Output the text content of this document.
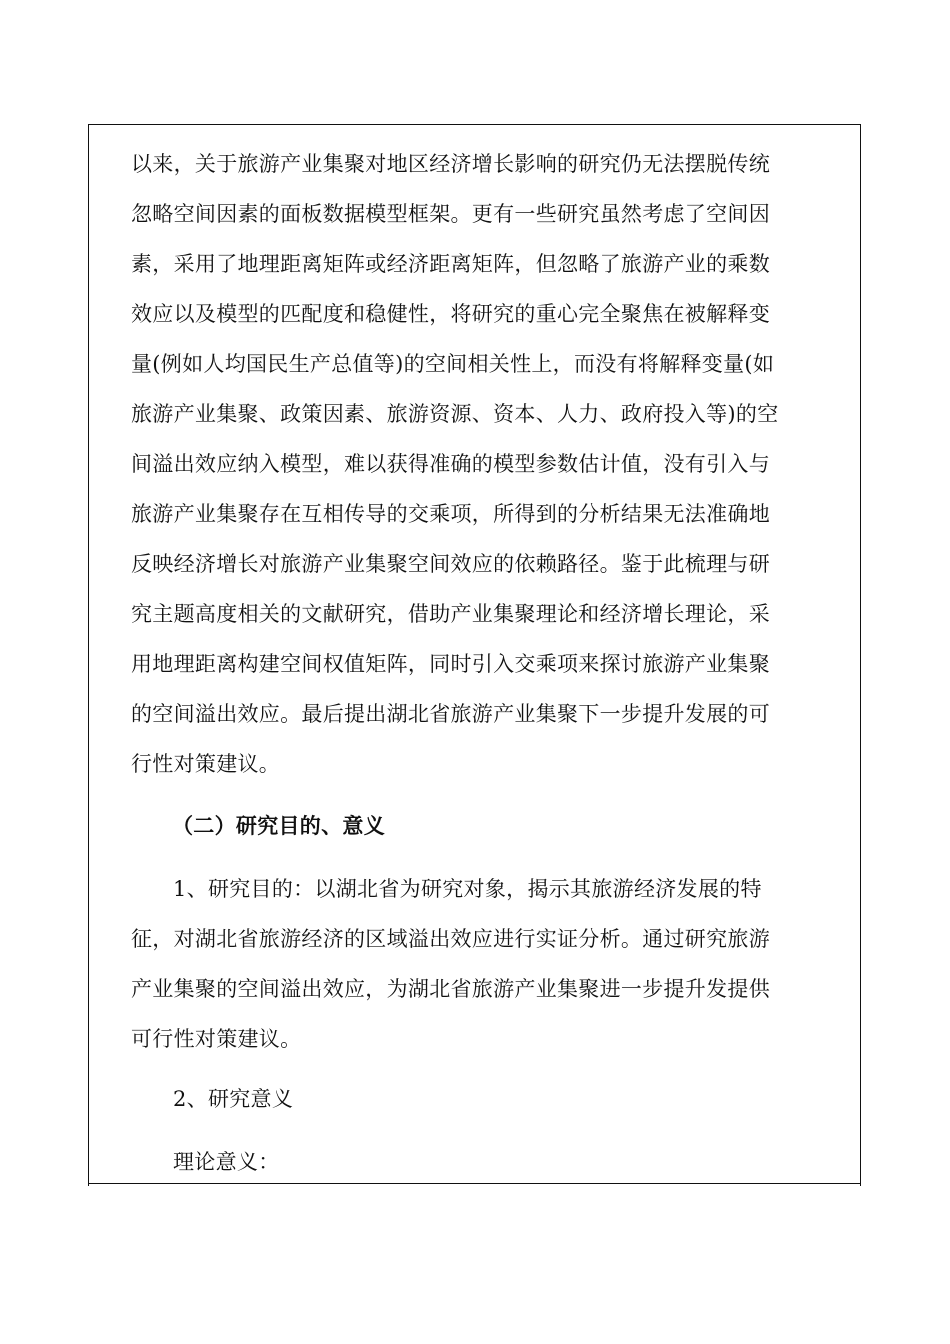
以来，关于旅游产业集聚对地区经济增长影响的研究仍无法摆脱传统
忽略空间因素的面板数据模型框架。更有一些研究虽然考虑了空间因
素，采用了地理距离矩阵或经济距离矩阵，但忽略了旅游产业的乘数
效应以及模型的匹配度和稳健性，将研究的重心完全聚焦在被解释变
量(例如人均国民生产总值等)的空间相关性上，而没有将解释变量(如
旅游产业集聚、政策因素、旅游资源、资本、人力、政府投入等)的空
间溢出效应纳入模型，难以获得准确的模型参数估计值，没有引入与
旅游产业集聚存在互相传导的交乘项，所得到的分析结果无法准确地
反映经济增长对旅游产业集聚空间效应的依赖路径。鉴于此梳理与研
究主题高度相关的文献研究，借助产业集聚理论和经济增长理论，采
用地理距离构建空间权值矩阵，同时引入交乘项来探讨旅游产业集聚
的空间溢出效应。最后提出湖北省旅游产业集聚下一步提升发展的可
行性对策建议。
（二）研究目的、意义
1、研究目的：以湖北省为研究对象，揭示其旅游经济发展的特
征，对湖北省旅游经济的区域溢出效应进行实证分析。通过研究旅游
产业集聚的空间溢出效应，为湖北省旅游产业集聚进一步提升发提供
可行性对策建议。
2、研究意义
理论意义：
